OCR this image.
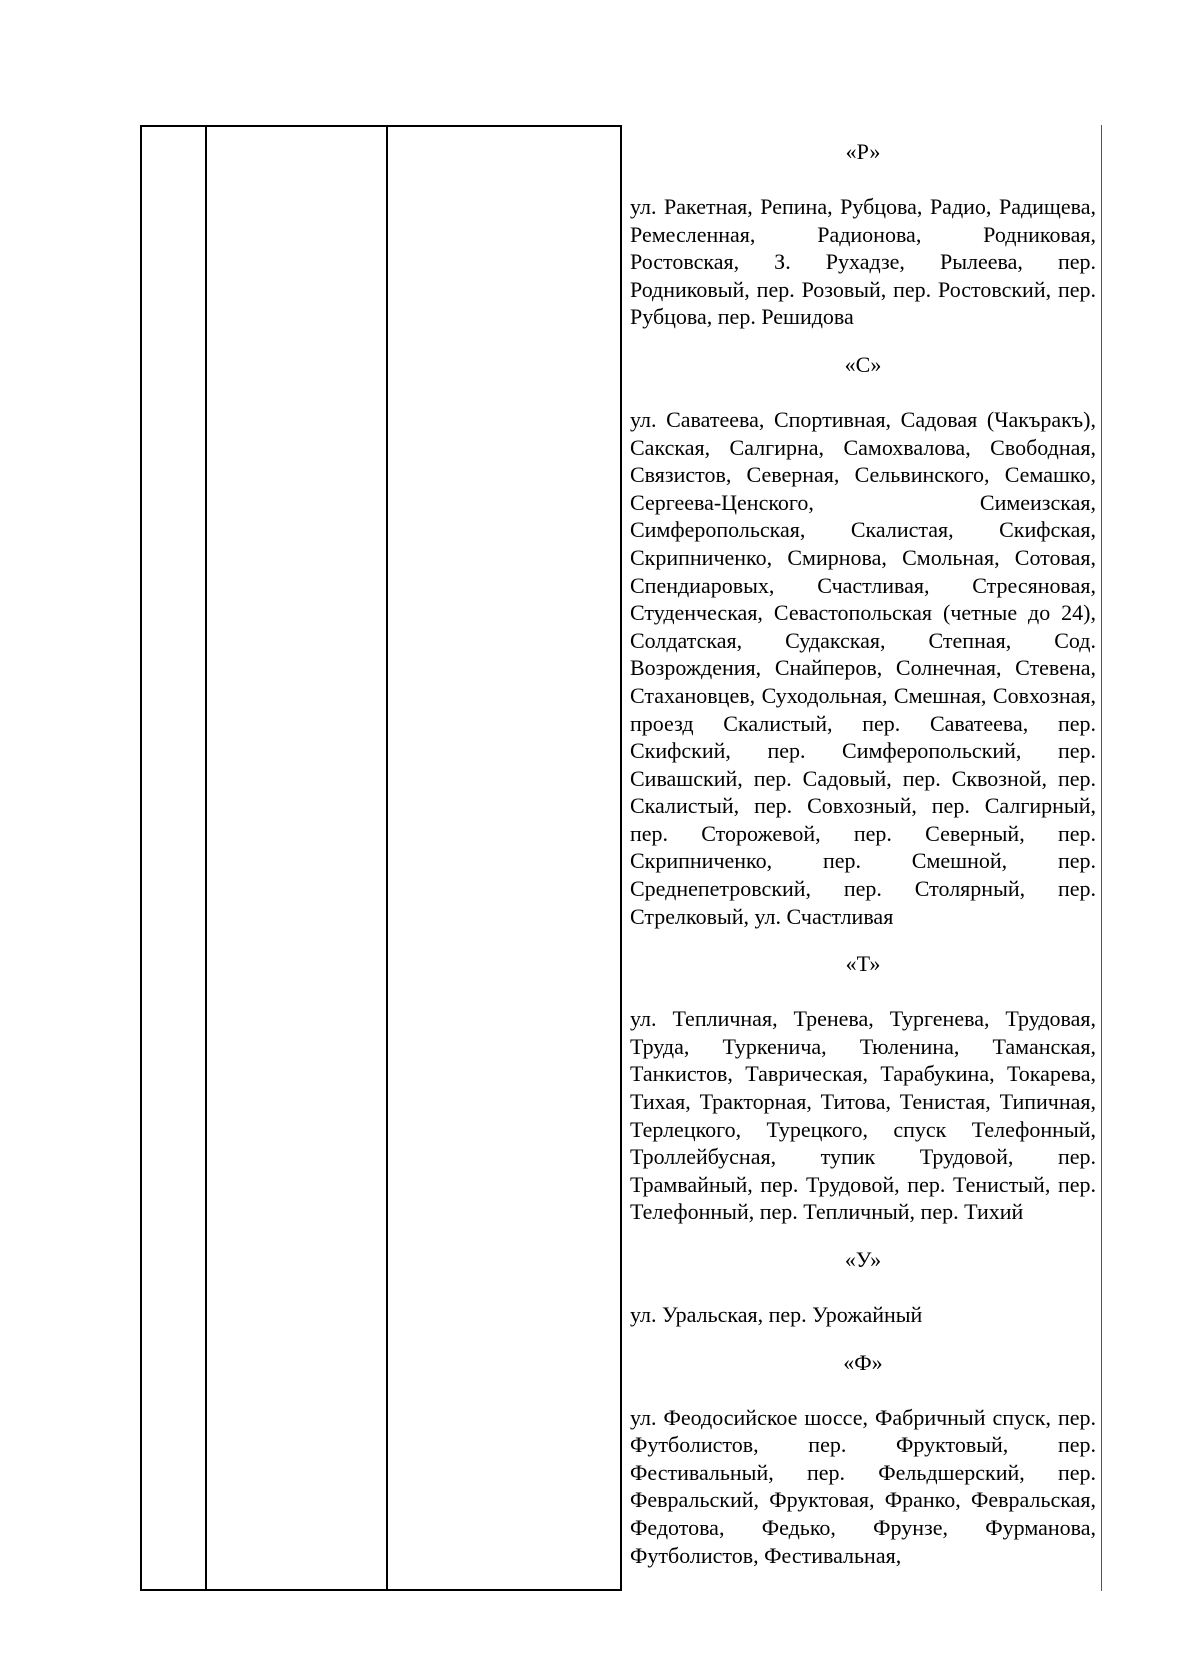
«Р»

ул. Ракетная, Репина, Рубцова, Радио, Радищева, Ремесленная, Радионова, Родниковая, Ростовская, З. Рухадзе, Рылеева, пер. Родниковый, пер. Розовый, пер. Ростовский, пер. Рубцова, пер. Решидова

«С»

ул. Саватеева, Спортивная, Садовая (Чакъракъ), Сакская, Салгирна, Самохвалова, Свободная, Связистов, Северная, Сельвинского, Семашко, Сергеева-Ценского, Симеизская, Симферопольская, Скалистая, Скифская, Скрипниченко, Смирнова, Смольная, Сотовая, Спендиаровых, Счастливая, Стресяновая, Студенческая, Севастопольская (четные до 24), Солдатская, Судакская, Степная, Сод. Возрождения, Снайперов, Солнечная, Стевена, Стахановцев, Суходольная, Смешная, Совхозная, проезд Скалистый, пер. Саватеева, пер. Скифский, пер. Симферопольский, пер. Сивашский, пер. Садовый, пер. Сквозной, пер. Скалистый, пер. Совхозный, пер. Салгирный, пер. Сторожевой, пер. Северный, пер. Скрипниченко, пер. Смешной, пер. Среднепетровский, пер. Столярный, пер. Стрелковый, ул. Счастливая

«Т»

ул. Тепличная, Тренева, Тургенева, Трудовая, Труда, Туркенича, Тюленина, Таманская, Танкистов, Таврическая, Тарабукина, Токарева, Тихая, Тракторная, Титова, Тенистая, Типичная, Терлецкого, Турецкого, спуск Телефонный, Троллейбусная, тупик Трудовой, пер. Трамвайный, пер. Трудовой, пер. Тенистый, пер. Телефонный, пер. Тепличный, пер. Тихий

«У»

ул. Уральская, пер. Урожайный

«Ф»

ул. Феодосийское шоссе, Фабричный спуск, пер. Футболистов, пер. Фруктовый, пер. Фестивальный, пер. Фельдшерский, пер. Февральский, Фруктовая, Франко, Февральская, Федотова, Федько, Фрунзе, Фурманова, Футболистов, Фестивальная,
